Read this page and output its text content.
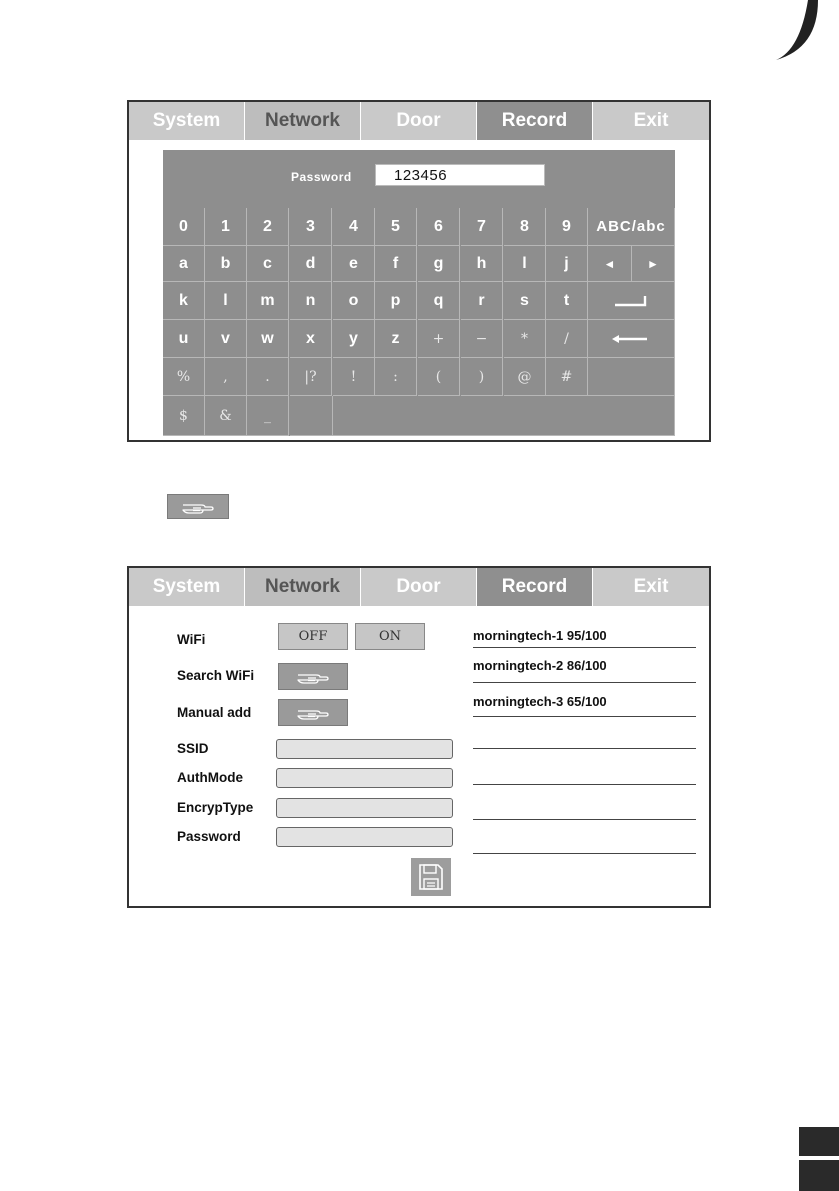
System	Network	Door	Record	Exit
Password	123456
0	1	2	3	4	5	6	7	8	9
a	b	c	d	e	f	g	h	l	j
k	l	m	n	o	p	q	r	s	t
u	v	w	x	y	z	+	−	*	/
%	,	.	|?	!	:	(	)	@	#
$	&	_
ABC/abc
◄	►
System	Network	Door	Record	Exit
WiFi	OFF	ON
Search WiFi
Manual add
SSID
AuthMode
EncrypType
Password
morningtech-1 95/100
morningtech-2 86/100
morningtech-3 65/100
